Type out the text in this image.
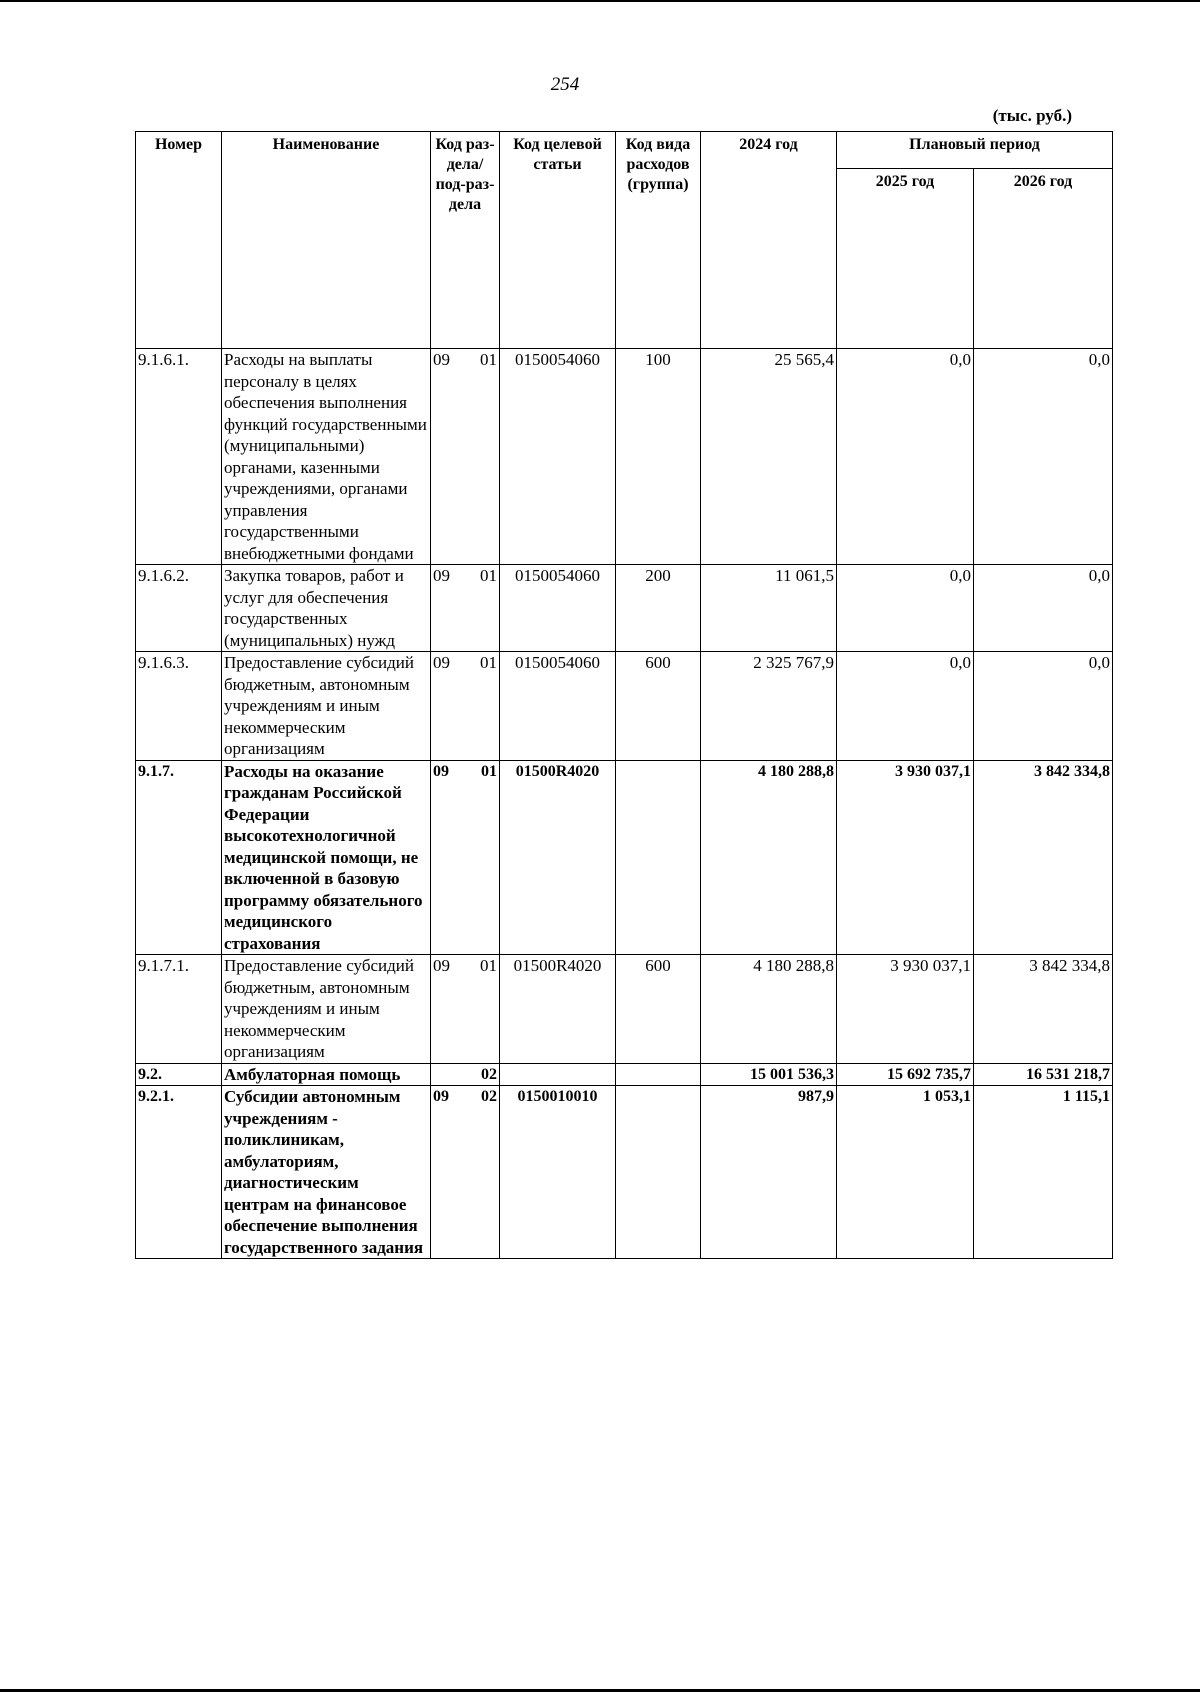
254
(тыс. руб.)
Номер	Наименование	Код раз-дела/ под-раз-дела	Код целевой статьи	Код вида расходов (группа)	2024 год	Плановый период	
						2025 год	2026 год
9.1.6.1.	Расходы на выплаты персоналу в целях обеспечения выполнения функций государственными (муниципальными) органами, казенными учреждениями, органами управления государственными внебюджетными фондами	09 01	0150054060	100	25 565,4	0,0	0,0
9.1.6.2.	Закупка товаров, работ и услуг для обеспечения государственных (муниципальных) нужд	09 01	0150054060	200	11 061,5	0,0	0,0
9.1.6.3.	Предоставление субсидий бюджетным, автономным учреждениям и иным некоммерческим организациям	09 01	0150054060	600	2 325 767,9	0,0	0,0
9.1.7.	Расходы на оказание гражданам Российской Федерации высокотехнологичной медицинской помощи, не включенной в базовую программу обязательного медицинского страхования	09 01	01500R4020		4 180 288,8	3 930 037,1	3 842 334,8
9.1.7.1.	Предоставление субсидий бюджетным, автономным учреждениям и иным некоммерческим организациям	09 01	01500R4020	600	4 180 288,8	3 930 037,1	3 842 334,8
9.2.	Амбулаторная помощь	02			15 001 536,3	15 692 735,7	16 531 218,7
9.2.1.	Субсидии автономным учреждениям - поликлиникам, амбулаториям, диагностическим центрам на финансовое обеспечение выполнения государственного задания	09 02	0150010010		987,9	1 053,1	1 115,1
